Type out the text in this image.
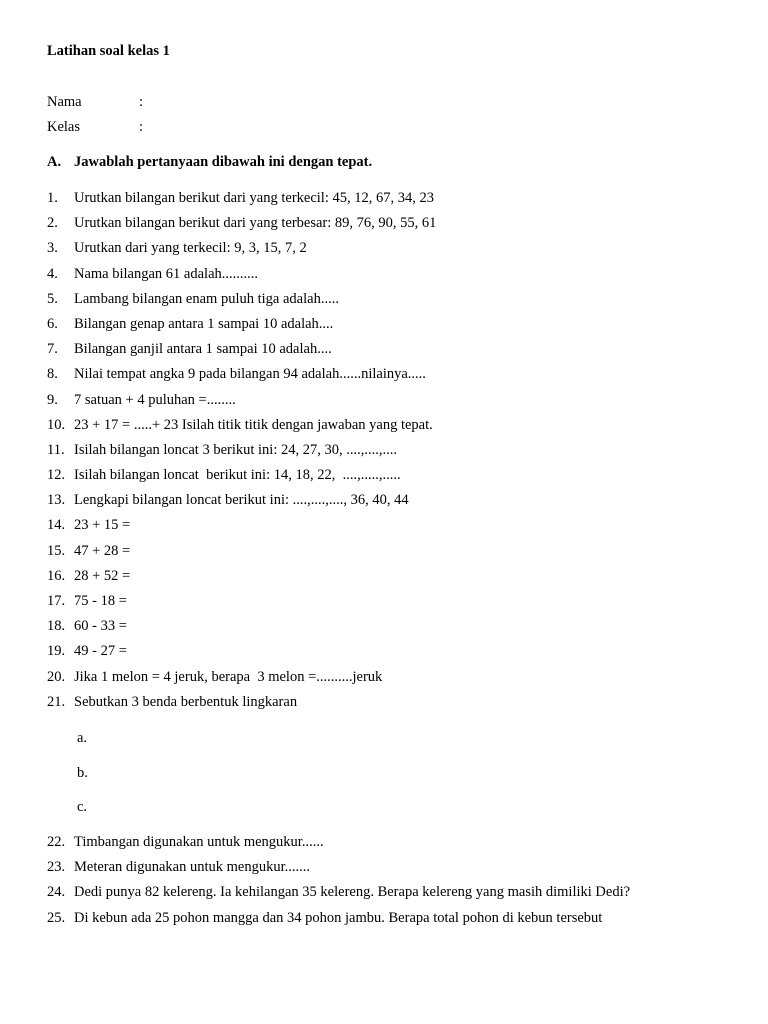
Latihan soal kelas 1
Nama	:
Kelas	:
A. Jawablah pertanyaan dibawah ini dengan tepat.
1. Urutkan bilangan berikut dari yang terkecil: 45, 12, 67, 34, 23
2. Urutkan bilangan berikut dari yang terbesar: 89, 76, 90, 55, 61
3. Urutkan dari yang terkecil: 9, 3, 15, 7, 2
4. Nama bilangan 61 adalah..........
5. Lambang bilangan enam puluh tiga adalah.....
6. Bilangan genap antara 1 sampai 10 adalah....
7. Bilangan ganjil antara 1 sampai 10 adalah....
8. Nilai tempat angka 9 pada bilangan 94 adalah......nilainya.....
9. 7 satuan + 4 puluhan =........
10. 23 + 17 = .....+ 23 Isilah titik titik dengan jawaban yang tepat.
11. Isilah bilangan loncat 3 berikut ini: 24, 27, 30, ....,....,....
12. Isilah bilangan loncat  berikut ini: 14, 18, 22,  ....,.....,.....
13. Lengkapi bilangan loncat berikut ini: ....,....,...., 36, 40, 44
14. 23 + 15 =
15. 47 + 28 =
16. 28 + 52 =
17. 75 - 18 =
18. 60 - 33 =
19. 49 - 27 =
20. Jika 1 melon = 4 jeruk, berapa  3 melon =..........jeruk
21. Sebutkan 3 benda berbentuk lingkaran
a.
b.
c.
22. Timbangan digunakan untuk mengukur......
23. Meteran digunakan untuk mengukur.......
24. Dedi punya 82 kelereng. Ia kehilangan 35 kelereng. Berapa kelereng yang masih dimiliki Dedi?
25. Di kebun ada 25 pohon mangga dan 34 pohon jambu. Berapa total pohon di kebun tersebut
